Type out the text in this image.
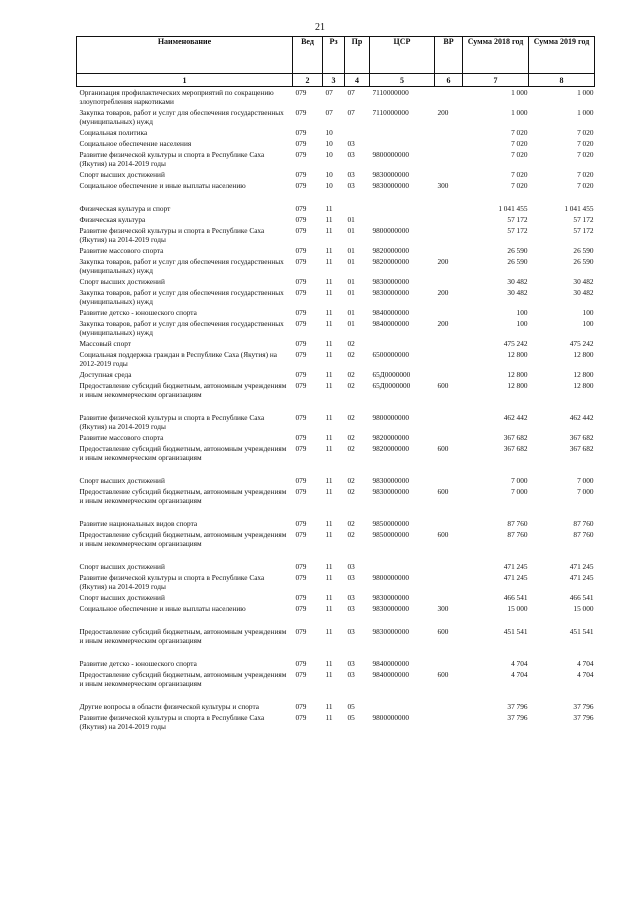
21
Наименование	Вед	Рз	Пр	ЦСР	ВР	Сумма 2018 год	Сумма 2019 год
1	2	3	4	5	6	7	8
Организация профилактических мероприятий по сокращению злоупотребления наркотиками	079	07	07	7110000000		1 000	1 000
Закупка товаров, работ и услуг для обеспечения государственных (муниципальных) нужд	079	07	07	7110000000	200	1 000	1 000
Социальная политика	079	10				7 020	7 020
Социальное обеспечение населения	079	10	03			7 020	7 020
Развитие физической культуры и спорта в Республике Саха (Якутия) на 2014-2019 годы	079	10	03	9800000000		7 020	7 020
Спорт высших достижений	079	10	03	9830000000		7 020	7 020
Социальное обеспечение и иные выплаты населению	079	10	03	9830000000	300	7 020	7 020

Физическая культура и спорт	079	11				1 041 455	1 041 455
Физическая культура	079	11	01			57 172	57 172
Развитие физической культуры и спорта в Республике Саха (Якутия) на 2014-2019 годы	079	11	01	9800000000		57 172	57 172
Развитие массового спорта	079	11	01	9820000000		26 590	26 590
Закупка товаров, работ и услуг для обеспечения государственных (муниципальных) нужд	079	11	01	9820000000	200	26 590	26 590
Спорт высших достижений	079	11	01	9830000000		30 482	30 482
Закупка товаров, работ и услуг для обеспечения государственных (муниципальных) нужд	079	11	01	9830000000	200	30 482	30 482
Развитие детско - юношеского спорта	079	11	01	9840000000		100	100
Закупка товаров, работ и услуг для обеспечения государственных (муниципальных) нужд	079	11	01	9840000000	200	100	100
Массовый спорт	079	11	02			475 242	475 242
Социальная поддержка граждан в Республике Саха (Якутия) на 2012-2019 годы	079	11	02	6500000000		12 800	12 800
Доступная среда	079	11	02	65Д0000000		12 800	12 800
Предоставление субсидий бюджетным, автономным учреждениям и иным некоммерческим организациям	079	11	02	65Д0000000	600	12 800	12 800

Развитие физической культуры и спорта в Республике Саха (Якутия) на 2014-2019 годы	079	11	02	9800000000		462 442	462 442
Развитие массового спорта	079	11	02	9820000000		367 682	367 682
Предоставление субсидий бюджетным, автономным учреждениям и иным некоммерческим организациям	079	11	02	9820000000	600	367 682	367 682

Спорт высших достижений	079	11	02	9830000000		7 000	7 000
Предоставление субсидий бюджетным, автономным учреждениям и иным некоммерческим организациям	079	11	02	9830000000	600	7 000	7 000

Развитие национальных видов спорта	079	11	02	9850000000		87 760	87 760
Предоставление субсидий бюджетным, автономным учреждениям и иным некоммерческим организациям	079	11	02	9850000000	600	87 760	87 760

Спорт высших достижений	079	11	03			471 245	471 245
Развитие физической культуры и спорта в Республике Саха (Якутия) на 2014-2019 годы	079	11	03	9800000000		471 245	471 245
Спорт высших достижений	079	11	03	9830000000		466 541	466 541
Социальное обеспечение и иные выплаты населению	079	11	03	9830000000	300	15 000	15 000

Предоставление субсидий бюджетным, автономным учреждениям и иным некоммерческим организациям	079	11	03	9830000000	600	451 541	451 541

Развитие детско - юношеского спорта	079	11	03	9840000000		4 704	4 704
Предоставление субсидий бюджетным, автономным учреждениям и иным некоммерческим организациям	079	11	03	9840000000	600	4 704	4 704

Другие вопросы в области физической культуры и спорта	079	11	05			37 796	37 796
Развитие физической культуры и спорта в Республике Саха (Якутия) на 2014-2019 годы	079	11	05	9800000000		37 796	37 796
